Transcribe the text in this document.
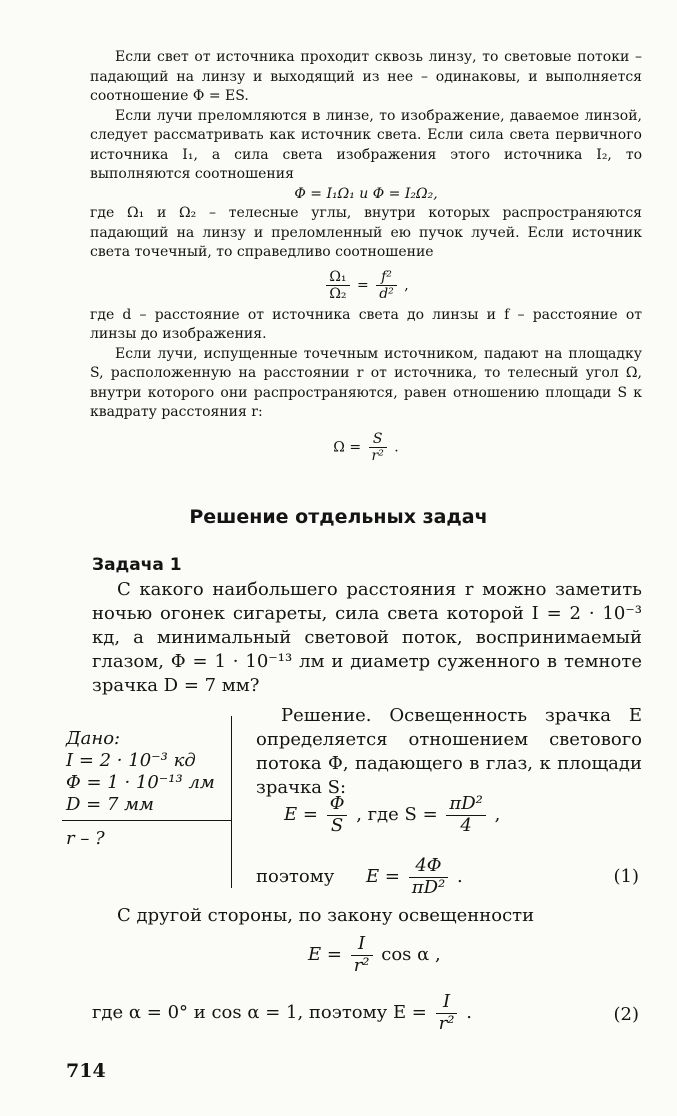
Если свет от источника проходит сквозь линзу, то световые потоки – падающий на линзу и выходящий из нее – одинаковы, и выполняется соотношение Φ = ES.

Если лучи преломляются в линзе, то изображение, даваемое линзой, следует рассматривать как источник света. Если сила света первичного источника I₁, а сила света изображения этого источника I₂, то выполняются соотношения

Φ = I₁Ω₁ и Φ = I₂Ω₂,

где Ω₁ и Ω₂ – телесные углы, внутри которых распространяются падающий на линзу и преломленный ею пучок лучей. Если источник света точечный, то справедливо соотношение

$\frac{\text{Ω₁}}{\text{Ω₂}} = \frac{\text{f²}}{\text{d²}}$ ,

где d – расстояние от источника света до линзы и f – расстояние от линзы до изображения.

Если лучи, испущенные точечным источником, падают на площадку S, расположенную на расстоянии r от источника, то телесный угол Ω, внутри которого они распространяются, равен отношению площади S к квадрату расстояния r:

$\Omega = \frac{S}{\text{r²}}$ .
Решение отдельных задач
Задача 1

С какого наибольшего расстояния r можно заметить ночью огонек сигареты, сила света которой I = 2 · 10⁻³ кд, а минимальный световой поток, воспринимаемый глазом, Φ = 1 · 10⁻¹³ лм и диаметр суженного в темноте зрачка D = 7 мм?

Дано:
I = 2 · 10⁻³ кд
Φ = 1 · 10⁻¹³ лм
D = 7 мм
r – ?

Решение. Освещенность зрачка E определяется отношением светового потока Φ, падающего в глаз, к площади зрачка S:

$E = \frac{\Phi}{S}$ , где $S = \frac{\text{πD²}}{4}$ ,
поэтому $E = \frac{4\Phi}{\text{πD²}}$ .	(1)

С другой стороны, по закону освещенности

$E = \frac{I}{\text{r²}}$ cos α ,
где α = 0° и cos α = 1, поэтому $E = \frac{I}{\text{r²}}$ .	(2)
714
